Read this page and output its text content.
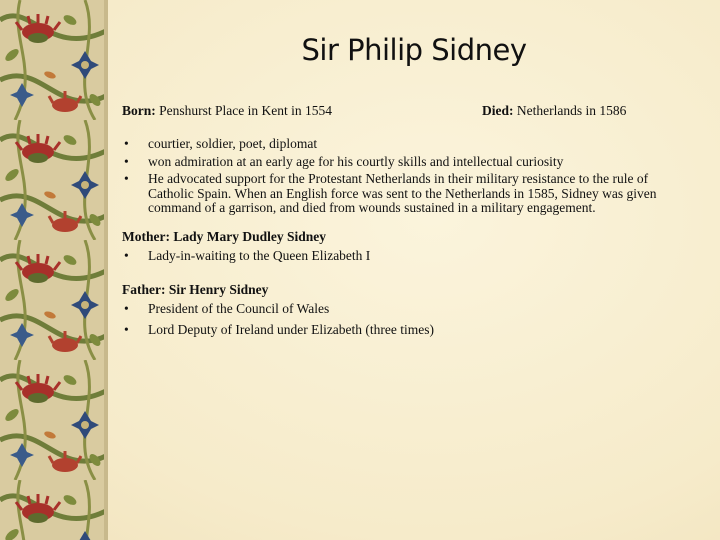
Sir Philip Sidney
Born: Penshurst Place in Kent in 1554	Died: Netherlands in 1586
• courtier, soldier, poet, diplomat
• won admiration at an early age for his courtly skills and intellectual curiosity
• He advocated support for the Protestant Netherlands in their military resistance to the rule of Catholic Spain. When an English force was sent to the Netherlands in 1585, Sidney was given command of a garrison, and died from wounds sustained in a military engagement.
Mother: Lady Mary Dudley Sidney
• Lady-in-waiting to the Queen Elizabeth I
Father: Sir Henry Sidney
• President of the Council of Wales
• Lord Deputy of Ireland under Elizabeth (three times)
